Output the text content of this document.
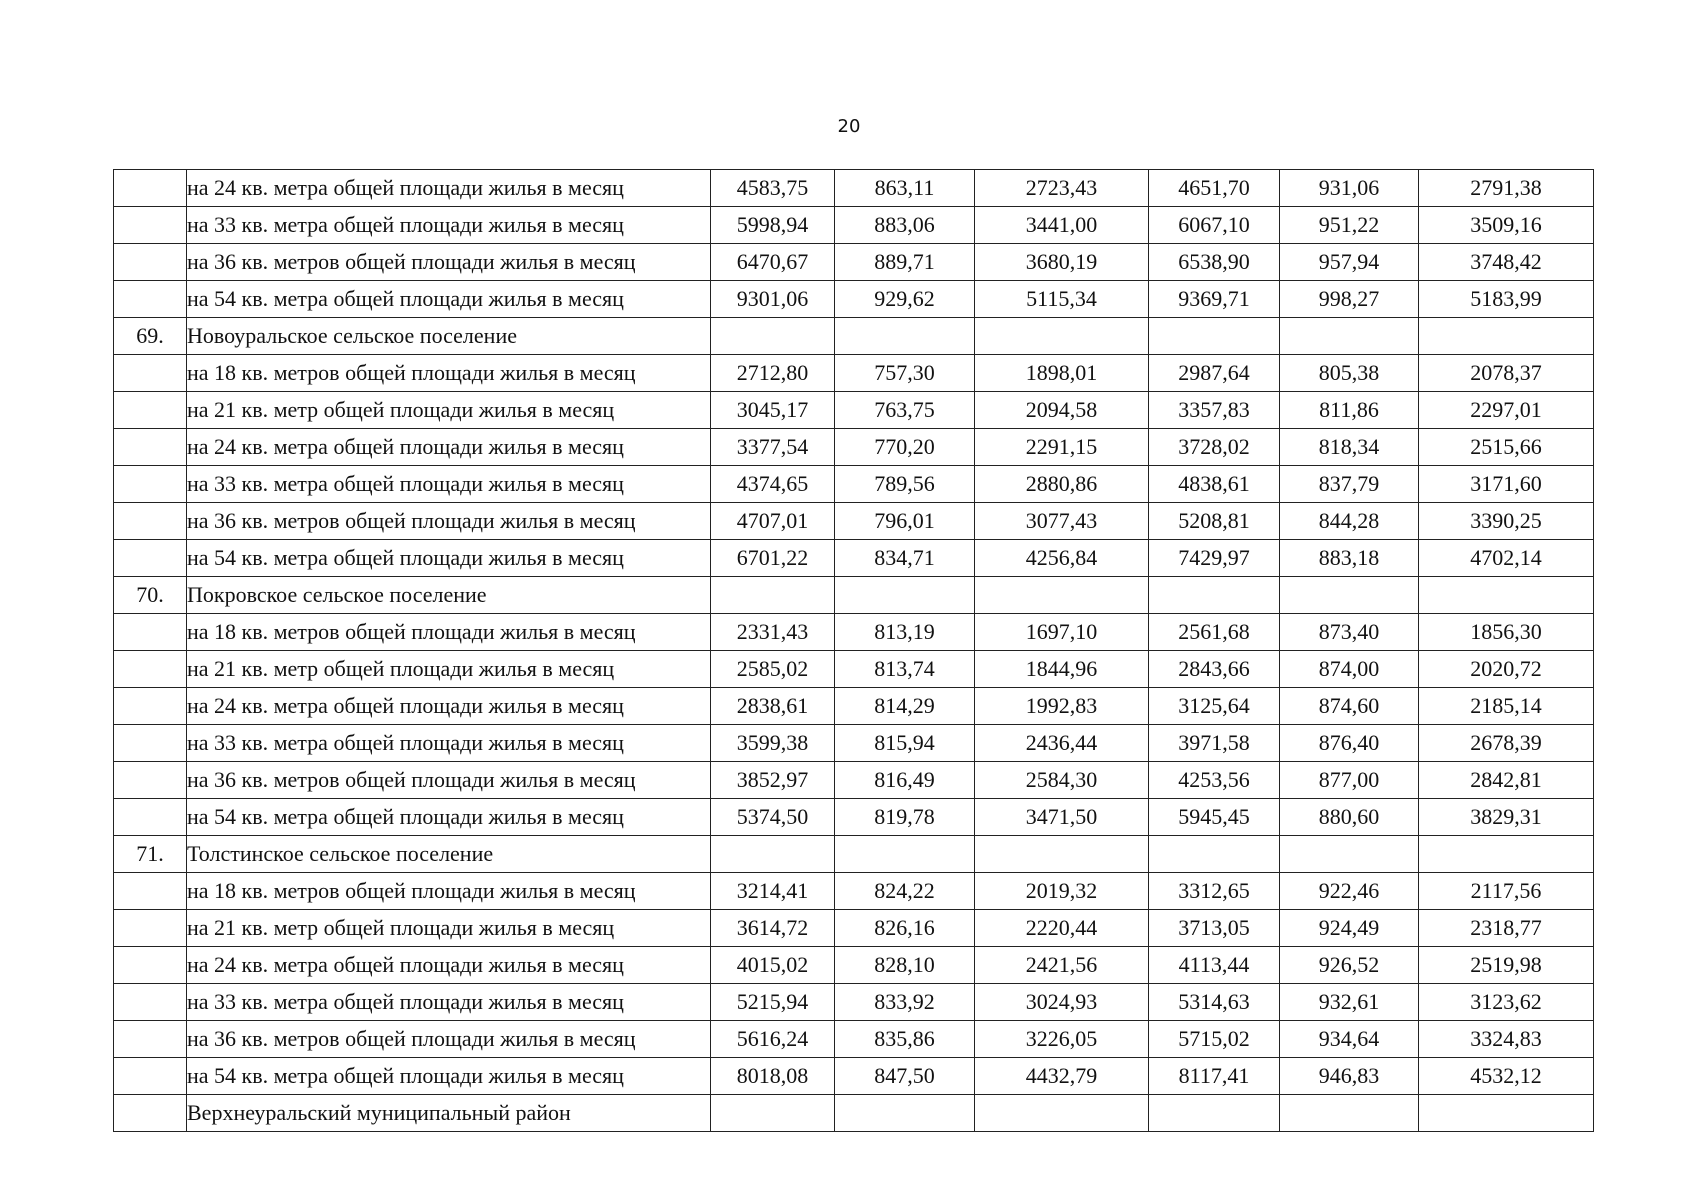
20
	на 24 кв. метра общей площади жилья в месяц	4583,75	863,11	2723,43	4651,70	931,06	2791,38
	на 33 кв. метра общей площади жилья в месяц	5998,94	883,06	3441,00	6067,10	951,22	3509,16
	на 36 кв. метров общей площади жилья в месяц	6470,67	889,71	3680,19	6538,90	957,94	3748,42
	на 54 кв. метра общей площади жилья в месяц	9301,06	929,62	5115,34	9369,71	998,27	5183,99
69.	Новоуральское сельское поселение						
	на 18 кв. метров общей площади жилья в месяц	2712,80	757,30	1898,01	2987,64	805,38	2078,37
	на 21 кв. метр общей площади жилья в месяц	3045,17	763,75	2094,58	3357,83	811,86	2297,01
	на 24 кв. метра общей площади жилья в месяц	3377,54	770,20	2291,15	3728,02	818,34	2515,66
	на 33 кв. метра общей площади жилья в месяц	4374,65	789,56	2880,86	4838,61	837,79	3171,60
	на 36 кв. метров общей площади жилья в месяц	4707,01	796,01	3077,43	5208,81	844,28	3390,25
	на 54 кв. метра общей площади жилья в месяц	6701,22	834,71	4256,84	7429,97	883,18	4702,14
70.	Покровское сельское поселение						
	на 18 кв. метров общей площади жилья в месяц	2331,43	813,19	1697,10	2561,68	873,40	1856,30
	на 21 кв. метр общей площади жилья в месяц	2585,02	813,74	1844,96	2843,66	874,00	2020,72
	на 24 кв. метра общей площади жилья в месяц	2838,61	814,29	1992,83	3125,64	874,60	2185,14
	на 33 кв. метра общей площади жилья в месяц	3599,38	815,94	2436,44	3971,58	876,40	2678,39
	на 36 кв. метров общей площади жилья в месяц	3852,97	816,49	2584,30	4253,56	877,00	2842,81
	на 54 кв. метра общей площади жилья в месяц	5374,50	819,78	3471,50	5945,45	880,60	3829,31
71.	Толстинское сельское поселение						
	на 18 кв. метров общей площади жилья в месяц	3214,41	824,22	2019,32	3312,65	922,46	2117,56
	на 21 кв. метр общей площади жилья в месяц	3614,72	826,16	2220,44	3713,05	924,49	2318,77
	на 24 кв. метра общей площади жилья в месяц	4015,02	828,10	2421,56	4113,44	926,52	2519,98
	на 33 кв. метра общей площади жилья в месяц	5215,94	833,92	3024,93	5314,63	932,61	3123,62
	на 36 кв. метров общей площади жилья в месяц	5616,24	835,86	3226,05	5715,02	934,64	3324,83
	на 54 кв. метра общей площади жилья в месяц	8018,08	847,50	4432,79	8117,41	946,83	4532,12
	Верхнеуральский муниципальный район						
